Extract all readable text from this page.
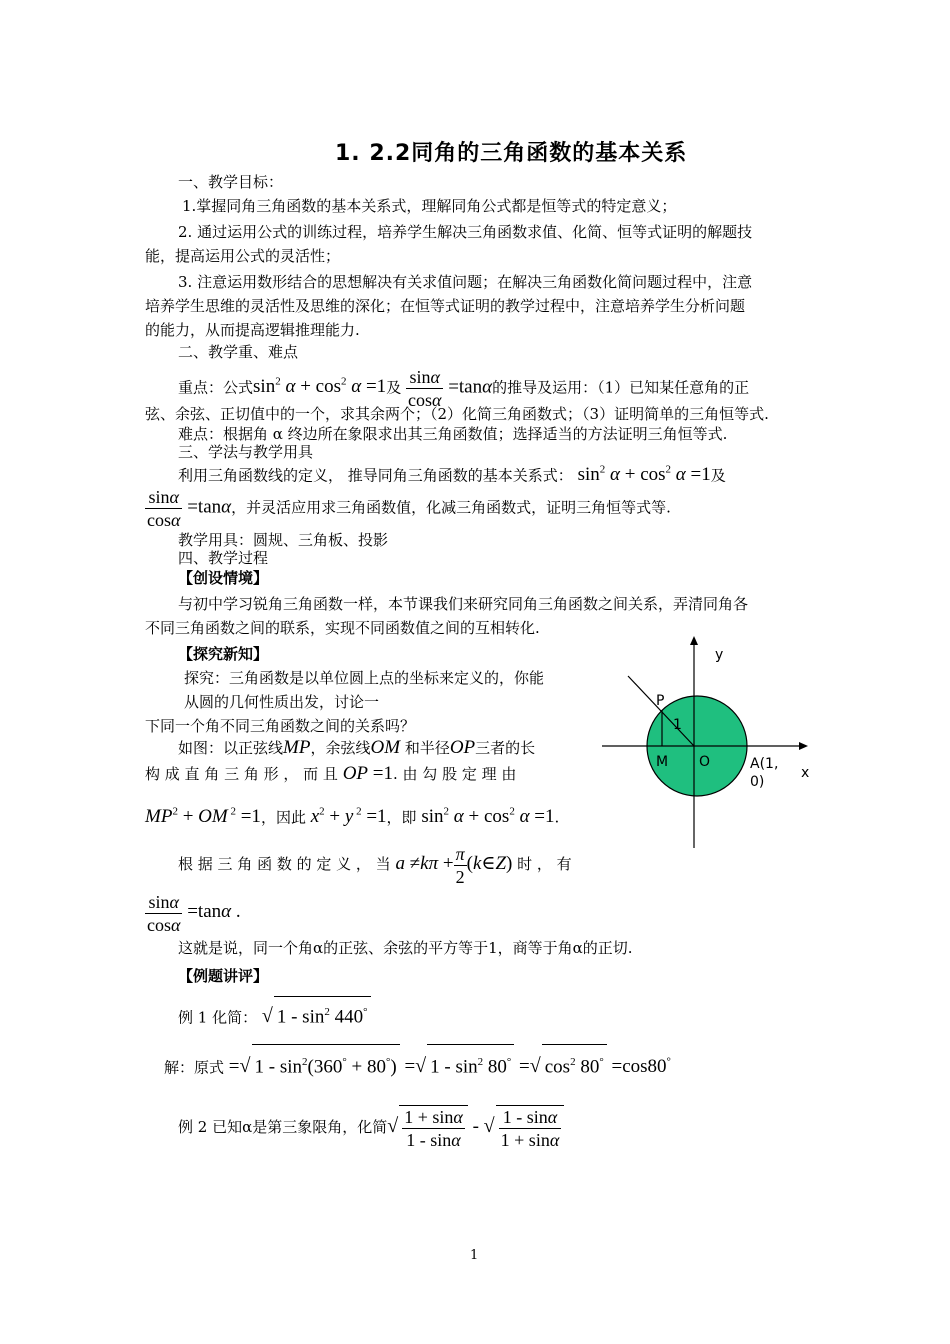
1. 2.2同角的三角函数的基本关系
一、教学目标：
1.掌握同角三角函数的基本关系式，理解同角公式都是恒等式的特定意义；
2. 通过运用公式的训练过程，培养学生解决三角函数求值、化简、恒等式证明的解题技
能，提高运用公式的灵活性；
3. 注意运用数形结合的思想解决有关求值问题；在解决三角函数化简问题过程中，注意
培养学生思维的灵活性及思维的深化；在恒等式证明的教学过程中，注意培养学生分析问题
的能力，从而提高逻辑推理能力.
二、教学重、难点
重点：公式$\sin^2 \alpha + \cos^2 \alpha =1$及 $\frac{\sin\alpha}{\cos\alpha} =\tan\alpha$的推导及运用：（1）已知某任意角的正
弦、余弦、正切值中的一个，求其余两个；（2）化简三角函数式；（3）证明简单的三角恒等式.
难点：根据角 α 终边所在象限求出其三角函数值；选择适当的方法证明三角恒等式.
三、学法与教学用具
利用三角函数线的定义， 推导同角三角函数的基本关系式： $\sin^2 \alpha + \cos^2 \alpha =1$及
$\frac{\sin\alpha}{\cos\alpha} =\tan\alpha$，并灵活应用求三角函数值，化减三角函数式，证明三角恒等式等.
教学用具：圆规、三角板、投影
四、教学过程
【创设情境】
与初中学习锐角三角函数一样，本节课我们来研究同角三角函数之间关系，弄清同角各
不同三角函数之间的联系，实现不同函数值之间的互相转化.
【探究新知】
探究：三角函数是以单位圆上点的坐标来定义的，你能
从圆的几何性质出发，讨论一
下同一个角不同三角函数之间的关系吗？
如图：以正弦线MP，余弦线OM 和半径OP三者的长
构 成 直 角 三 角 形 ， 而 且 OP =1. 由 勾 股 定 理 由
$MP^2$ + OM $^2$ =1，因此 $x^2 + y$ $^2$ =1，即 $\sin^2 \alpha + \cos^2 \alpha =1$.
根 据 三 角 函 数 的 定 义 ， 当 $a \ne k\pi + \frac{\pi}{2}$ (k∈Z) 时 ， 有
$\frac{\sin\alpha}{\cos\alpha} =\tan\alpha$ .
这就是说，同一个角α的正弦、余弦的平方等于1，商等于角α的正切.
【例题讲评】
例 1 化简： √ $1 - \sin^2 440^\circ$
解：原式 =√ $1 - \sin^2(360^\circ + 80^\circ)$ =√ $1 - \sin^2 80^\circ$ =√ $\cos^2 80^\circ =\cos 80^\circ$
例 2 已知α是第三象限角，化简√ $\frac{1 + \sin\alpha}{1 - \sin\alpha}$ - √ $\frac{1 - \sin\alpha}{1 + \sin\alpha}$
y
x
P
1
M O	A(1,
0)
1
